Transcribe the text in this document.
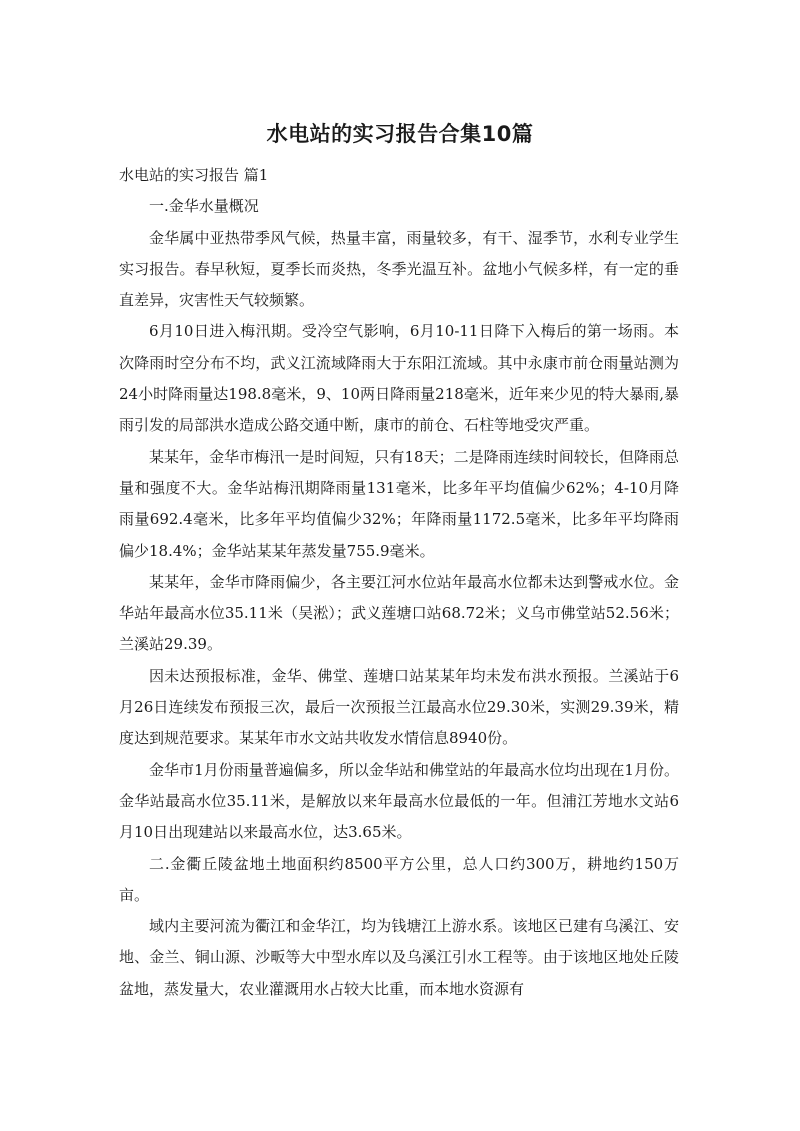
水电站的实习报告合集10篇

水电站的实习报告 篇1

一.金华水量概况

金华属中亚热带季风气候，热量丰富，雨量较多，有干、湿季节，水利专业学生实习报告。春早秋短，夏季长而炎热，冬季光温互补。盆地小气候多样，有一定的垂直差异，灾害性天气较频繁。

6月10日进入梅汛期。受冷空气影响，6月10-11日降下入梅后的第一场雨。本次降雨时空分布不均，武义江流域降雨大于东阳江流域。其中永康市前仓雨量站测为24小时降雨量达198.8毫米，9、10两日降雨量218毫米，近年来少见的特大暴雨,暴雨引发的局部洪水造成公路交通中断，康市的前仓、石柱等地受灾严重。

某某年，金华市梅汛一是时间短，只有18天；二是降雨连续时间较长，但降雨总量和强度不大。金华站梅汛期降雨量131毫米，比多年平均值偏少62%；4-10月降雨量692.4毫米，比多年平均值偏少32%；年降雨量1172.5毫米，比多年平均降雨偏少18.4%；金华站某某年蒸发量755.9毫米。

某某年，金华市降雨偏少，各主要江河水位站年最高水位都未达到警戒水位。金华站年最高水位35.11米（吴淞）；武义莲塘口站68.72米；义乌市佛堂站52.56米；兰溪站29.39。

因未达预报标准，金华、佛堂、莲塘口站某某年均未发布洪水预报。兰溪站于6月26日连续发布预报三次，最后一次预报兰江最高水位29.30米，实测29.39米，精度达到规范要求。某某年市水文站共收发水情信息8940份。

金华市1月份雨量普遍偏多，所以金华站和佛堂站的年最高水位均出现在1月份。金华站最高水位35.11米，是解放以来年最高水位最低的一年。但浦江芳地水文站6月10日出现建站以来最高水位，达3.65米。

二.金衢丘陵盆地土地面积约8500平方公里，总人口约300万，耕地约150万亩。

域内主要河流为衢江和金华江，均为钱塘江上游水系。该地区已建有乌溪江、安地、金兰、铜山源、沙畈等大中型水库以及乌溪江引水工程等。由于该地区地处丘陵盆地，蒸发量大，农业灌溉用水占较大比重，而本地水资源有
